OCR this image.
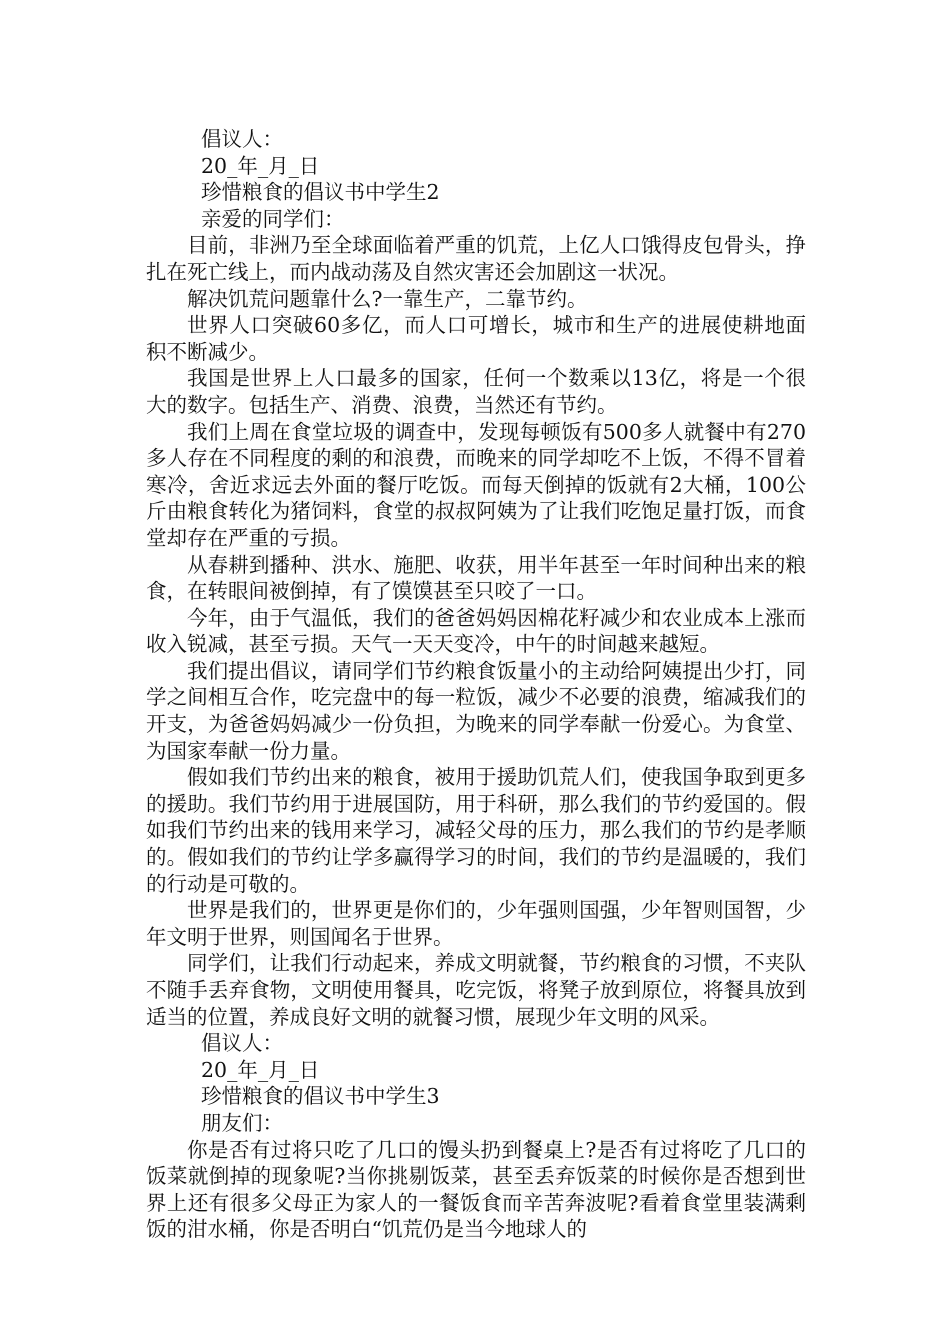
倡议人：
20_年_月_日
珍惜粮食的倡议书中学生2
亲爱的同学们：

目前，非洲乃至全球面临着严重的饥荒，上亿人口饿得皮包骨头，挣扎在死亡线上，而内战动荡及自然灾害还会加剧这一状况。

解决饥荒问题靠什么?一靠生产，二靠节约。

世界人口突破60多亿，而人口可增长，城市和生产的进展使耕地面积不断减少。

我国是世界上人口最多的国家，任何一个数乘以13亿，将是一个很大的数字。包括生产、消费、浪费，当然还有节约。

我们上周在食堂垃圾的调查中，发现每顿饭有500多人就餐中有270多人存在不同程度的剩的和浪费，而晚来的同学却吃不上饭，不得不冒着寒冷，舍近求远去外面的餐厅吃饭。而每天倒掉的饭就有2大桶，100公斤由粮食转化为猪饲料，食堂的叔叔阿姨为了让我们吃饱足量打饭，而食堂却存在严重的亏损。

从春耕到播种、洪水、施肥、收获，用半年甚至一年时间种出来的粮食，在转眼间被倒掉，有了馍馍甚至只咬了一口。

今年，由于气温低，我们的爸爸妈妈因棉花籽减少和农业成本上涨而收入锐减，甚至亏损。天气一天天变冷，中午的时间越来越短。

我们提出倡议，请同学们节约粮食饭量小的主动给阿姨提出少打，同学之间相互合作，吃完盘中的每一粒饭，减少不必要的浪费，缩减我们的开支，为爸爸妈妈减少一份负担，为晚来的同学奉献一份爱心。为食堂、为国家奉献一份力量。

假如我们节约出来的粮食，被用于援助饥荒人们，使我国争取到更多的援助。我们节约用于进展国防，用于科研，那么我们的节约爱国的。假如我们节约出来的钱用来学习，减轻父母的压力，那么我们的节约是孝顺的。假如我们的节约让学多赢得学习的时间，我们的节约是温暖的，我们的行动是可敬的。

世界是我们的，世界更是你们的，少年强则国强，少年智则国智，少年文明于世界，则国闻名于世界。

同学们，让我们行动起来，养成文明就餐，节约粮食的习惯，不夹队不随手丢弃食物，文明使用餐具，吃完饭，将凳子放到原位，将餐具放到适当的位置，养成良好文明的就餐习惯，展现少年文明的风采。

倡议人：
20_年_月_日
珍惜粮食的倡议书中学生3
朋友们：

你是否有过将只吃了几口的馒头扔到餐桌上?是否有过将吃了几口的饭菜就倒掉的现象呢?当你挑剔饭菜，甚至丢弃饭菜的时候你是否想到世界上还有很多父母正为家人的一餐饭食而辛苦奔波呢?看着食堂里装满剩饭的泔水桶，你是否明白“饥荒仍是当今地球人的
